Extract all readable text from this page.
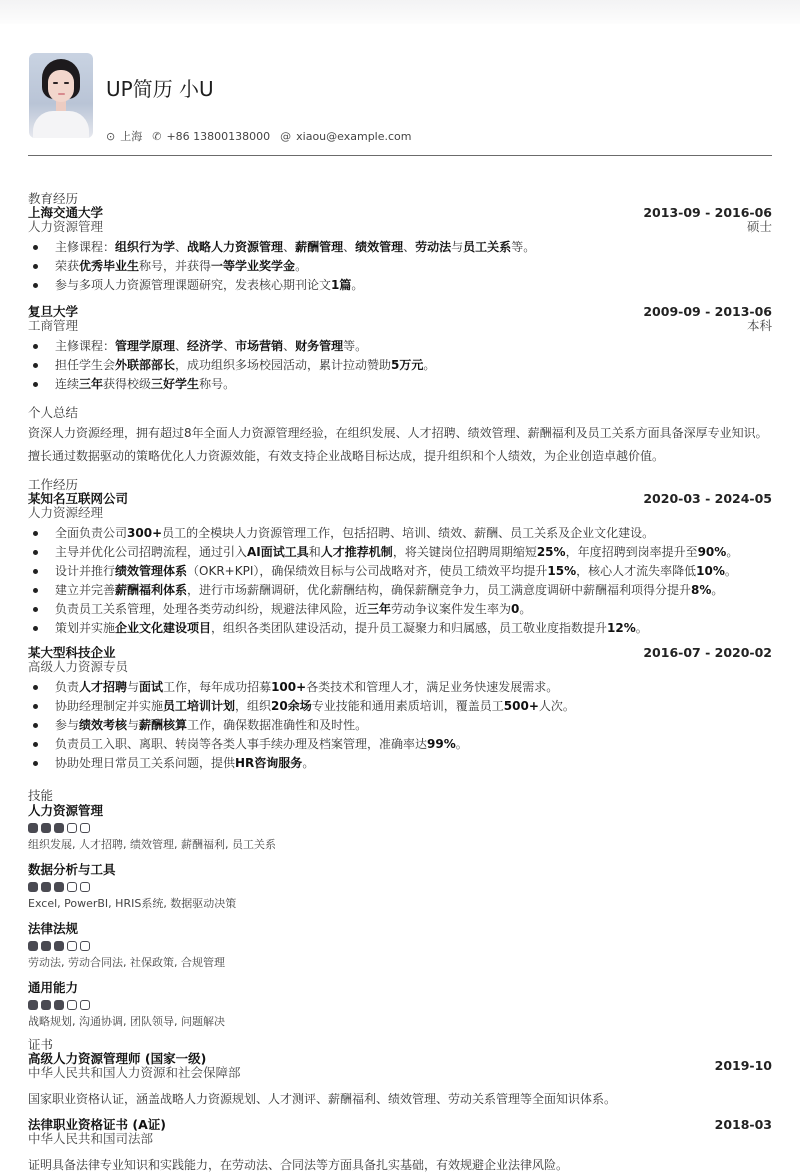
UP简历 小U
⊙ 上海 ✆ +86 13800138000 @ xiaou@example.com
教育经历
上海交通大学
人力资源管理
2013-09 - 2016-06
硕士
主修课程：组织行为学、战略人力资源管理、薪酬管理、绩效管理、劳动法与员工关系等。
荣获优秀毕业生称号，并获得一等学业奖学金。
参与多项人力资源管理课题研究，发表核心期刊论文1篇。
复旦大学
工商管理
2009-09 - 2013-06
本科
主修课程：管理学原理、经济学、市场营销、财务管理等。
担任学生会外联部部长，成功组织多场校园活动，累计拉动赞助5万元。
连续三年获得校级三好学生称号。
个人总结
资深人力资源经理，拥有超过8年全面人力资源管理经验，在组织发展、人才招聘、绩效管理、薪酬福利及员工关系方面具备深厚专业知识。擅长通过数据驱动的策略优化人力资源效能，有效支持企业战略目标达成，提升组织和个人绩效，为企业创造卓越价值。
工作经历
某知名互联网公司
人力资源经理
2020-03 - 2024-05
全面负责公司300+员工的全模块人力资源管理工作，包括招聘、培训、绩效、薪酬、员工关系及企业文化建设。
主导并优化公司招聘流程，通过引入AI面试工具和人才推荐机制，将关键岗位招聘周期缩短25%，年度招聘到岗率提升至90%。
设计并推行绩效管理体系（OKR+KPI），确保绩效目标与公司战略对齐，使员工绩效平均提升15%，核心人才流失率降低10%。
建立并完善薪酬福利体系，进行市场薪酬调研，优化薪酬结构，确保薪酬竞争力，员工满意度调研中薪酬福利项得分提升8%。
负责员工关系管理，处理各类劳动纠纷，规避法律风险，近三年劳动争议案件发生率为0。
策划并实施企业文化建设项目，组织各类团队建设活动，提升员工凝聚力和归属感，员工敬业度指数提升12%。
某大型科技企业
高级人力资源专员
2016-07 - 2020-02
负责人才招聘与面试工作，每年成功招募100+各类技术和管理人才，满足业务快速发展需求。
协助经理制定并实施员工培训计划，组织20余场专业技能和通用素质培训，覆盖员工500+人次。
参与绩效考核与薪酬核算工作，确保数据准确性和及时性。
负责员工入职、离职、转岗等各类人事手续办理及档案管理，准确率达99%。
协助处理日常员工关系问题，提供HR咨询服务。
技能
人力资源管理
组织发展, 人才招聘, 绩效管理, 薪酬福利, 员工关系
数据分析与工具
Excel, PowerBI, HRIS系统, 数据驱动决策
法律法规
劳动法, 劳动合同法, 社保政策, 合规管理
通用能力
战略规划, 沟通协调, 团队领导, 问题解决
证书
高级人力资源管理师 (国家一级)
中华人民共和国人力资源和社会保障部	2019-10
国家职业资格认证，涵盖战略人力资源规划、人才测评、薪酬福利、绩效管理、劳动关系管理等全面知识体系。
法律职业资格证书 (A证)
中华人民共和国司法部
2018-03
证明具备法律专业知识和实践能力，在劳动法、合同法等方面具备扎实基础，有效规避企业法律风险。
